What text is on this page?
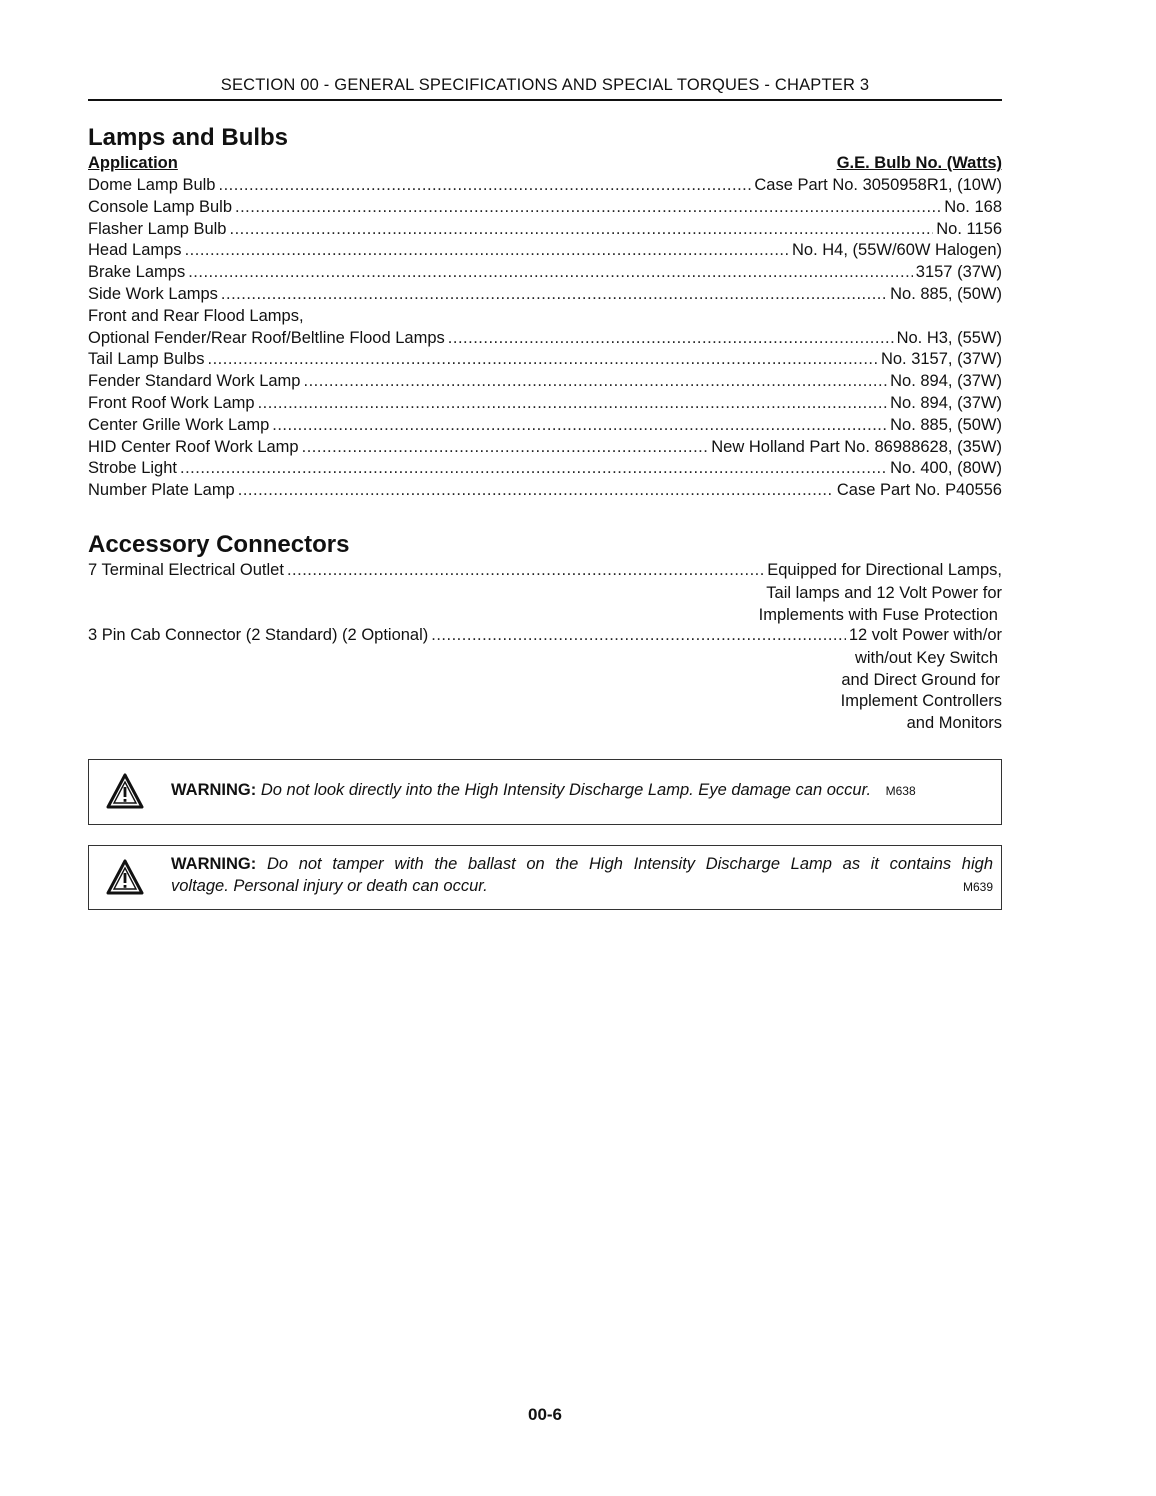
SECTION 00 - GENERAL SPECIFICATIONS AND SPECIAL TORQUES - CHAPTER 3
Lamps and Bulbs
Application	G.E. Bulb No. (Watts)
Dome Lamp Bulb .....	Case Part No. 3050958R1, (10W)
Console Lamp Bulb .....	No. 168
Flasher Lamp Bulb .....	No. 1156
Head Lamps .....	No. H4, (55W/60W Halogen)
Brake Lamps .....	3157 (37W)
Side Work Lamps .....	No. 885, (50W)
Front and Rear Flood Lamps,
Optional Fender/Rear Roof/Beltline Flood Lamps .....	No. H3, (55W)
Tail Lamp Bulbs .....	No. 3157, (37W)
Fender Standard Work Lamp .....	No. 894, (37W)
Front Roof Work Lamp .....	No. 894, (37W)
Center Grille Work Lamp .....	No. 885, (50W)
HID Center Roof Work Lamp .....	New Holland Part No. 86988628, (35W)
Strobe Light .....	No. 400, (80W)
Number Plate Lamp .....	Case Part No. P40556
Accessory Connectors
7 Terminal Electrical Outlet .....	Equipped for Directional Lamps,
Tail lamps and 12 Volt Power for
Implements with Fuse Protection
3 Pin Cab Connector (2 Standard) (2 Optional) .....	12 volt Power with/or
with/out Key Switch
and Direct Ground for
Implement Controllers
and Monitors
WARNING: Do not look directly into the High Intensity Discharge Lamp. Eye damage can occur. M638
WARNING: Do not tamper with the ballast on the High Intensity Discharge Lamp as it contains high
voltage. Personal injury or death can occur.	M639
00-6
